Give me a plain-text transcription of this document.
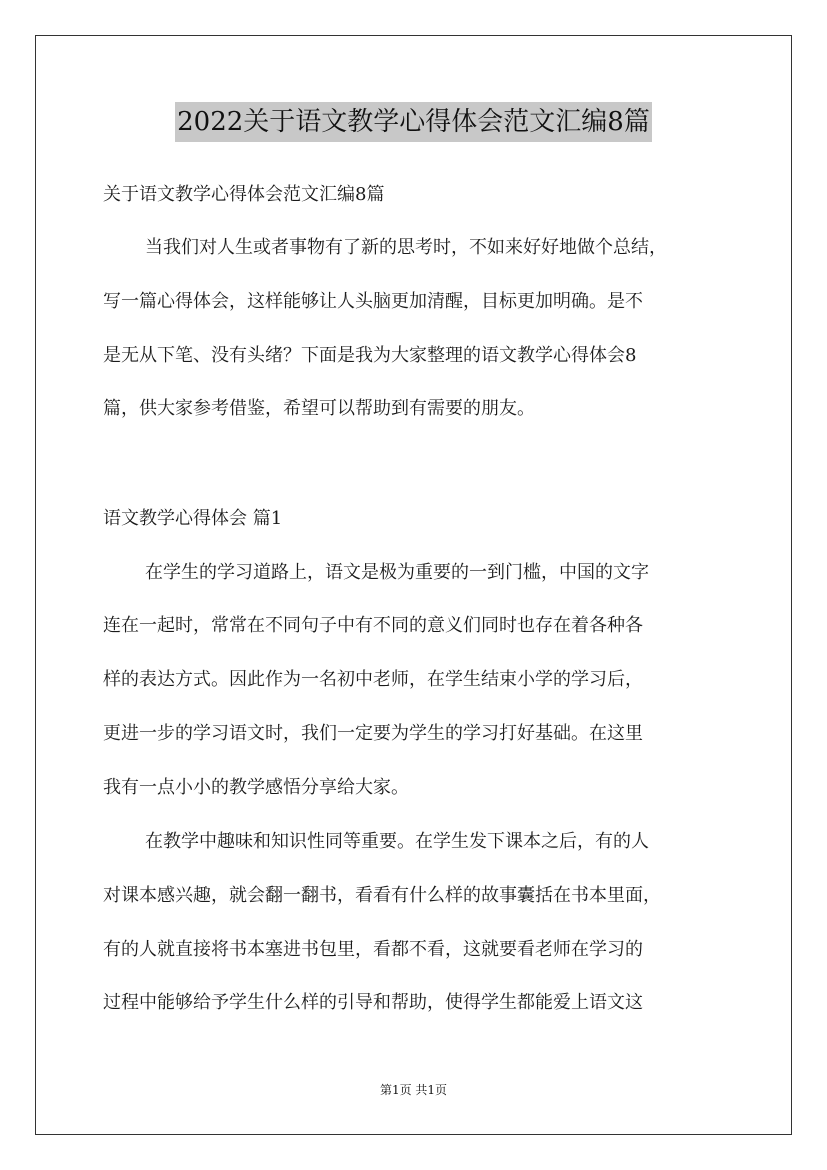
2022关于语文教学心得体会范文汇编8篇
关于语文教学心得体会范文汇编8篇
当我们对人生或者事物有了新的思考时，不如来好好地做个总结，
写一篇心得体会，这样能够让人头脑更加清醒，目标更加明确。是不
是无从下笔、没有头绪？下面是我为大家整理的语文教学心得体会8
篇，供大家参考借鉴，希望可以帮助到有需要的朋友。
语文教学心得体会 篇1
在学生的学习道路上，语文是极为重要的一到门槛，中国的文字
连在一起时，常常在不同句子中有不同的意义们同时也存在着各种各
样的表达方式。因此作为一名初中老师，在学生结束小学的学习后，
更进一步的学习语文时，我们一定要为学生的学习打好基础。在这里
我有一点小小的教学感悟分享给大家。
在教学中趣味和知识性同等重要。在学生发下课本之后，有的人
对课本感兴趣，就会翻一翻书，看看有什么样的故事囊括在书本里面，
有的人就直接将书本塞进书包里，看都不看，这就要看老师在学习的
过程中能够给予学生什么样的引导和帮助，使得学生都能爱上语文这
第1页 共1页
